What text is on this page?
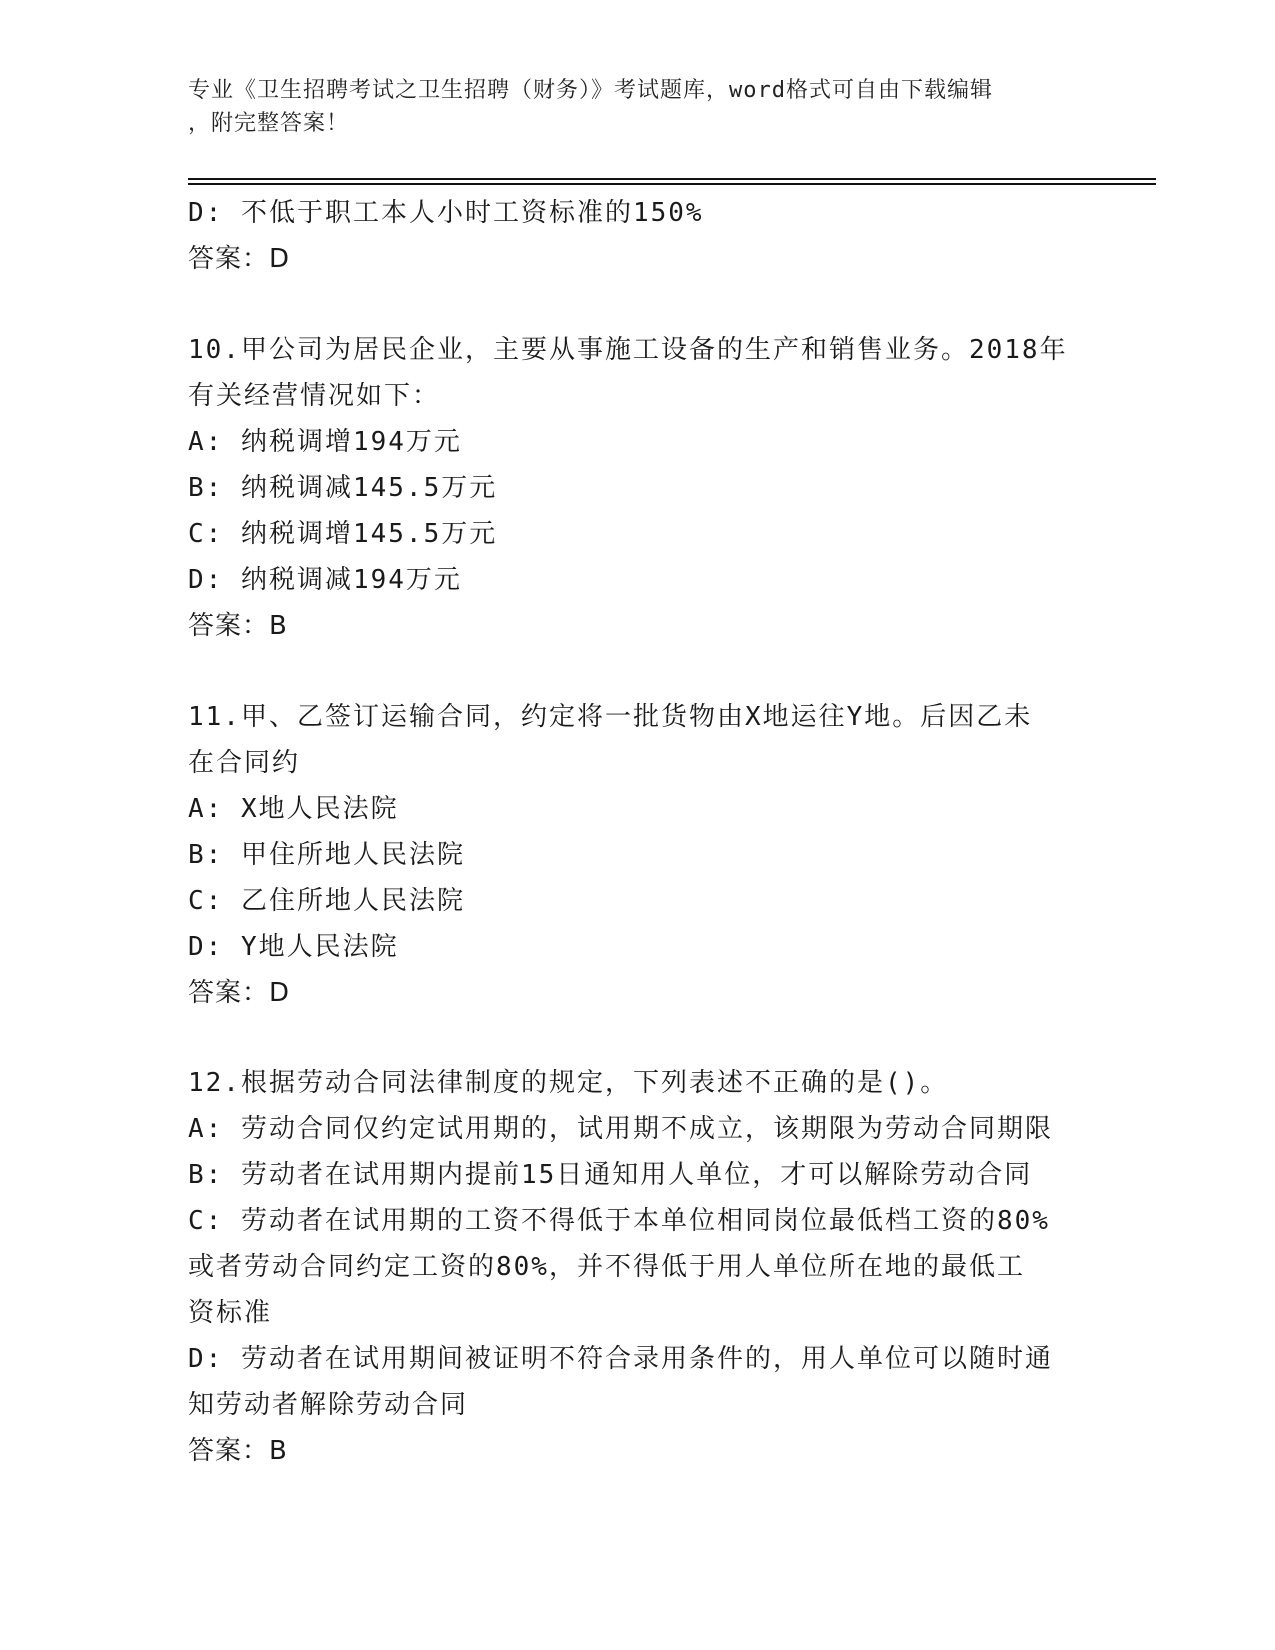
专业《卫生招聘考试之卫生招聘（财务）》考试题库，word格式可自由下载编辑
，附完整答案！
D: 不低于职工本人小时工资标准的150%
答案：D
10.甲公司为居民企业，主要从事施工设备的生产和销售业务。2018年
有关经营情况如下：
A: 纳税调增194万元
B: 纳税调减145.5万元
C: 纳税调增145.5万元
D: 纳税调减194万元
答案：B
11.甲、乙签订运输合同，约定将一批货物由X地运往Y地。后因乙未
在合同约
A: X地人民法院
B: 甲住所地人民法院
C: 乙住所地人民法院
D: Y地人民法院
答案：D
12.根据劳动合同法律制度的规定，下列表述不正确的是()。
A: 劳动合同仅约定试用期的，试用期不成立，该期限为劳动合同期限
B: 劳动者在试用期内提前15日通知用人单位，才可以解除劳动合同
C: 劳动者在试用期的工资不得低于本单位相同岗位最低档工资的80%
或者劳动合同约定工资的80%，并不得低于用人单位所在地的最低工
资标准
D: 劳动者在试用期间被证明不符合录用条件的，用人单位可以随时通
知劳动者解除劳动合同
答案：B
